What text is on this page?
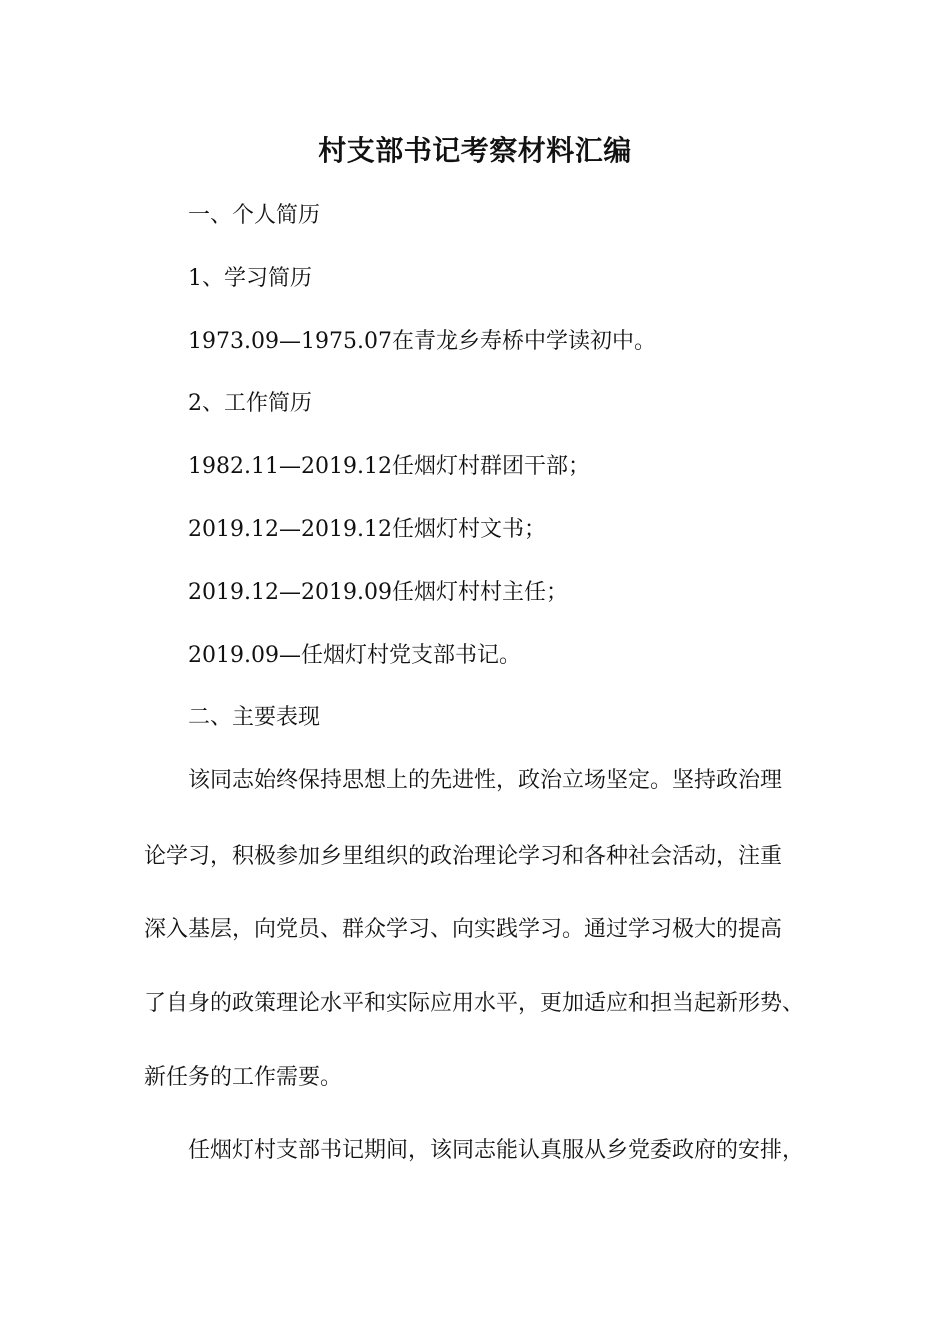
村支部书记考察材料汇编
一、个人简历
1、学习简历
1973.09—1975.07在青龙乡寿桥中学读初中。
2、工作简历
1982.11—2019.12任烟灯村群团干部；
2019.12—2019.12任烟灯村文书；
2019.12—2019.09任烟灯村村主任；
2019.09—任烟灯村党支部书记。
二、主要表现
该同志始终保持思想上的先进性，政治立场坚定。坚持政治理
论学习，积极参加乡里组织的政治理论学习和各种社会活动，注重
深入基层，向党员、群众学习、向实践学习。通过学习极大的提高
了自身的政策理论水平和实际应用水平，更加适应和担当起新形势、
新任务的工作需要。
任烟灯村支部书记期间，该同志能认真服从乡党委政府的安排，
